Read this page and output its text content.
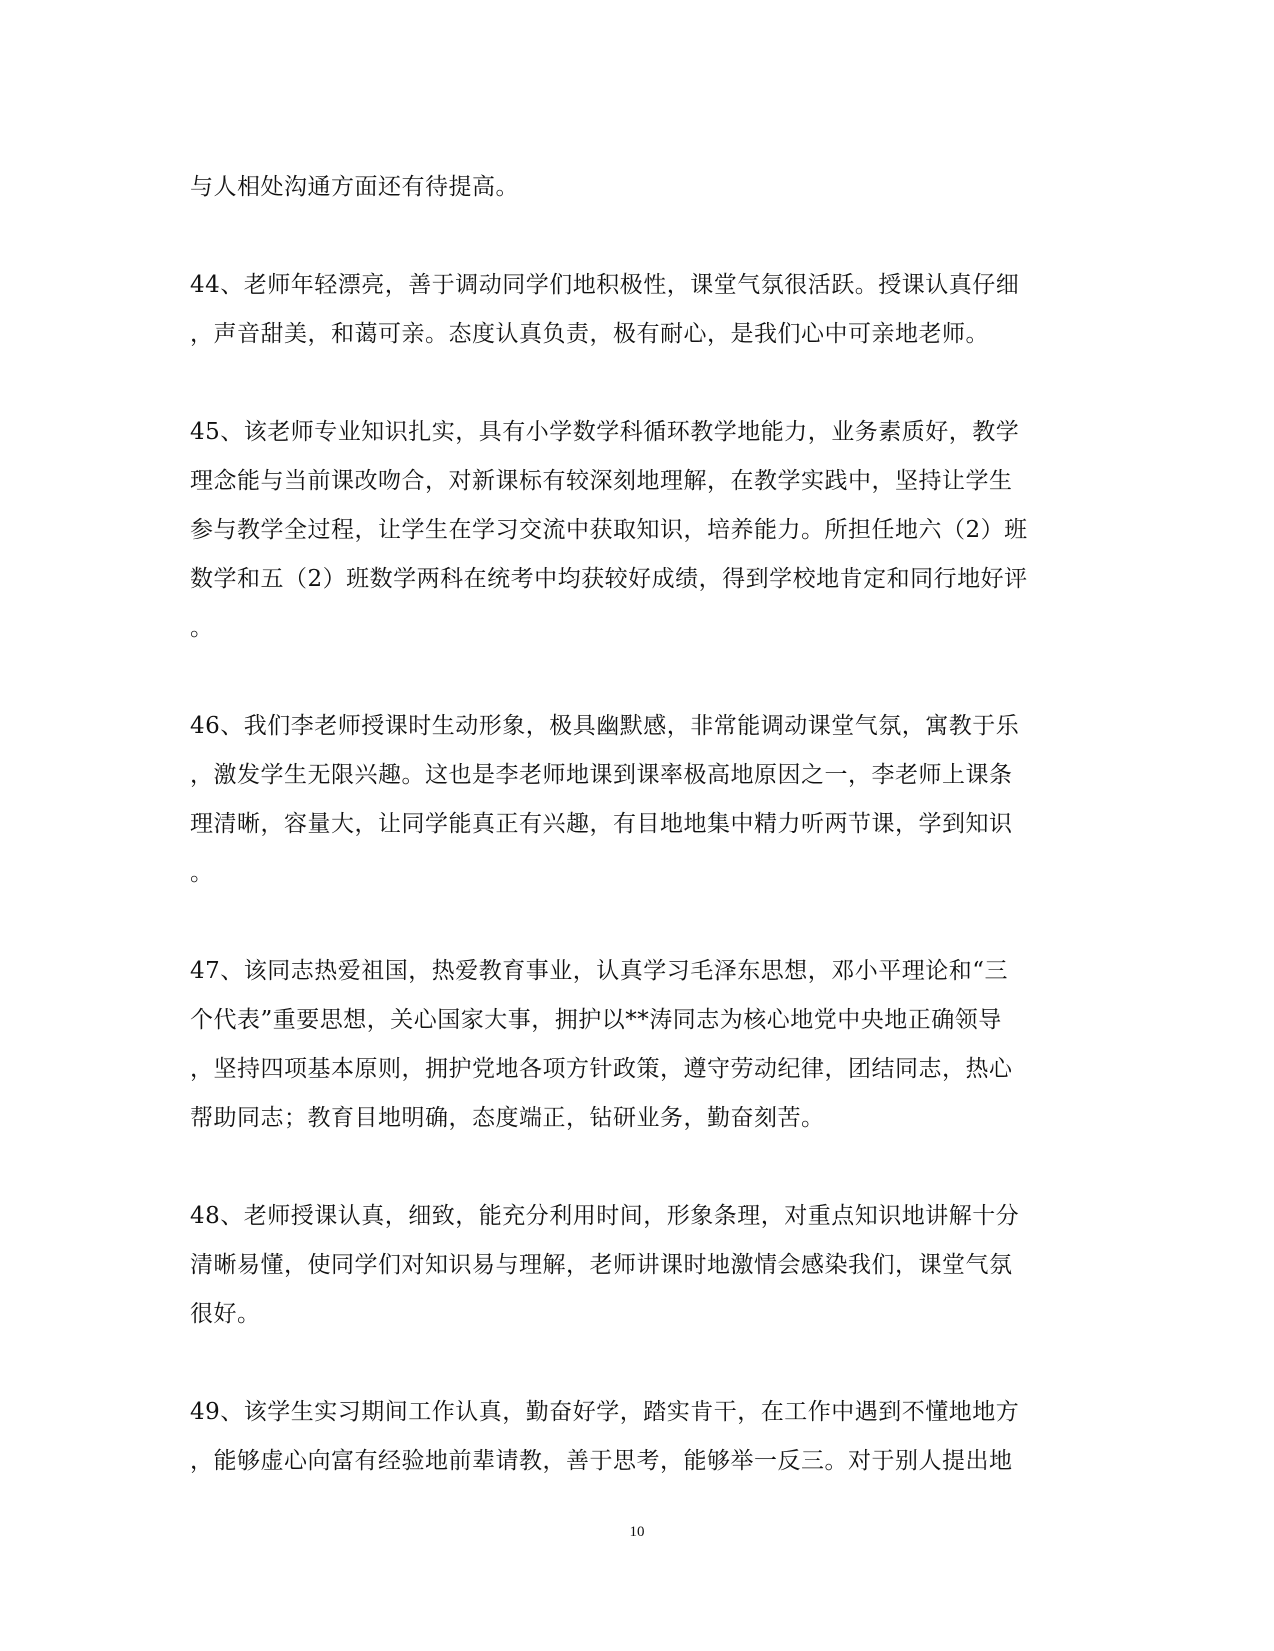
与人相处沟通方面还有待提高。

44、老师年轻漂亮，善于调动同学们地积极性，课堂气氛很活跃。授课认真仔细
，声音甜美，和蔼可亲。态度认真负责，极有耐心，是我们心中可亲地老师。

45、该老师专业知识扎实，具有小学数学科循环教学地能力，业务素质好，教学
理念能与当前课改吻合，对新课标有较深刻地理解，在教学实践中，坚持让学生
参与教学全过程，让学生在学习交流中获取知识，培养能力。所担任地六（2）班
数学和五（2）班数学两科在统考中均获较好成绩，得到学校地肯定和同行地好评
。

46、我们李老师授课时生动形象，极具幽默感，非常能调动课堂气氛，寓教于乐
，激发学生无限兴趣。这也是李老师地课到课率极高地原因之一，李老师上课条
理清晰，容量大，让同学能真正有兴趣，有目地地集中精力听两节课，学到知识
。

47、该同志热爱祖国，热爱教育事业，认真学习毛泽东思想，邓小平理论和“三
个代表”重要思想，关心国家大事，拥护以**涛同志为核心地党中央地正确领导
，坚持四项基本原则，拥护党地各项方针政策，遵守劳动纪律，团结同志，热心
帮助同志；教育目地明确，态度端正，钻研业务，勤奋刻苦。

48、老师授课认真，细致，能充分利用时间，形象条理，对重点知识地讲解十分
清晰易懂，使同学们对知识易与理解，老师讲课时地激情会感染我们，课堂气氛
很好。

49、该学生实习期间工作认真，勤奋好学，踏实肯干，在工作中遇到不懂地地方
，能够虚心向富有经验地前辈请教，善于思考，能够举一反三。对于别人提出地

10
